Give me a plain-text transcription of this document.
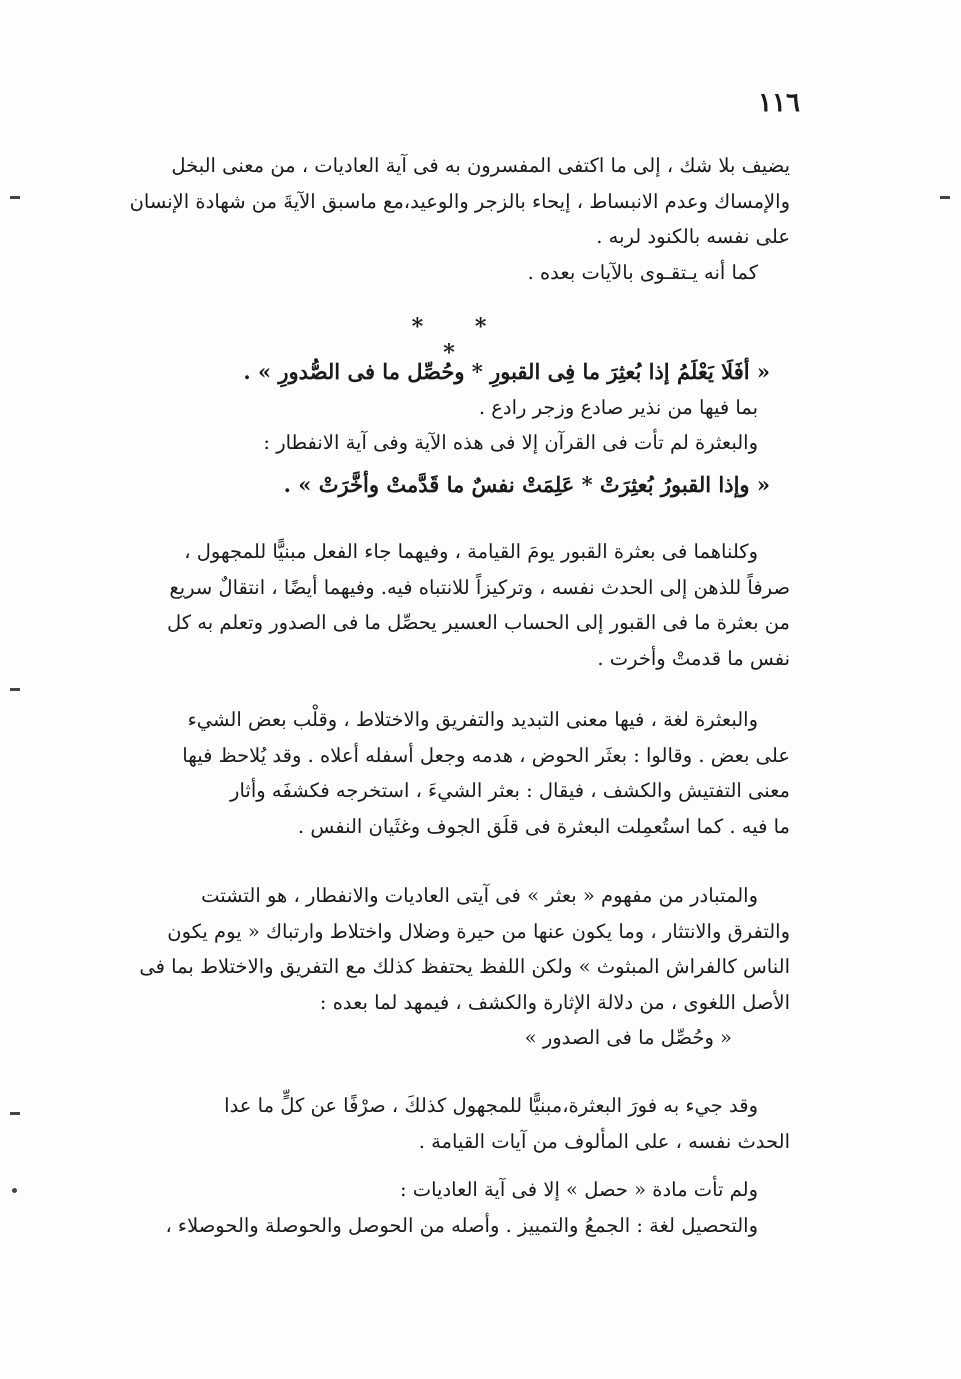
١١٦
يضيف بلا شك ، إلى ما اكتفى المفسرون به فى آية العاديات ، من معنى البخل
والإمساك وعدم الانبساط ، إيحاء بالزجر والوعيد،مع ماسبق الآيةَ من شهادة الإنسان
على نفسه بالكنود لربه .
كما أنه يـتقـوى بالآيات بعده .
* * *
« أفَلَا يَعْلَمُ إذا بُعثِرَ ما فِى القبورِ * وحُصِّل ما فى الصُّدورِ » .
بما فيها من نذير صادع وزجر رادع .
والبعثرة لم تأت فى القرآن إلا فى هذه الآية وفى آية الانفطار :
« وإذا القبورُ بُعثِرَتْ * عَلِمَتْ نفسٌ ما قَدَّمتْ وأخَّرَتْ » .
وكلناهما فى بعثرة القبور يومَ القيامة ، وفيهما جاء الفعل مبنيًّا للمجهول ،
صرفاً للذهن إلى الحدث نفسه ، وتركيزاً للانتباه فيه. وفيهما أيضًا ، انتقالٌ سريع
من بعثرة ما فى القبور إلى الحساب العسير يحصِّل ما فى الصدور وتعلم به كل
نفس ما قدمتْ وأخرت .
والبعثرة لغة ، فيها معنى التبديد والتفريق والاختلاط ، وقلْب بعض الشيء
على بعض . وقالوا : بعثَر الحوض ، هدمه وجعل أسفله أعلاه . وقد يُلاحظ فيها
معنى التفتيش والكشف ، فيقال : بعثر الشيءَ ، استخرجه فكشفَه وأثار
ما فيه . كما استُعمِلت البعثرة فى قلَق الجوف وغثَيان النفس .
والمتبادر من مفهوم « بعثر » فى آيتى العاديات والانفطار ، هو التشتت
والتفرق والانتثار ، وما يكون عنها من حيرة وضلال واختلاط وارتباك « يوم يكون
الناس كالفراش المبثوث » ولكن اللفظ يحتفظ كذلك مع التفريق والاختلاط بما فى
الأصل اللغوى ، من دلالة الإثارة والكشف ، فيمهد لما بعده :
« وحُصِّل ما فى الصدور »
وقد جيء به فورَ البعثرة،مبنيًّا للمجهول كذلكَ ، صرْفًا عن كلٍّ ما عدا
الحدث نفسه ، على المألوف من آيات القيامة .
ولم تأت مادة « حصل » إلا فى آية العاديات :
والتحصيل لغة : الجمعُ والتمييز . وأصله من الحوصل والحوصلة والحوصلاء ،
